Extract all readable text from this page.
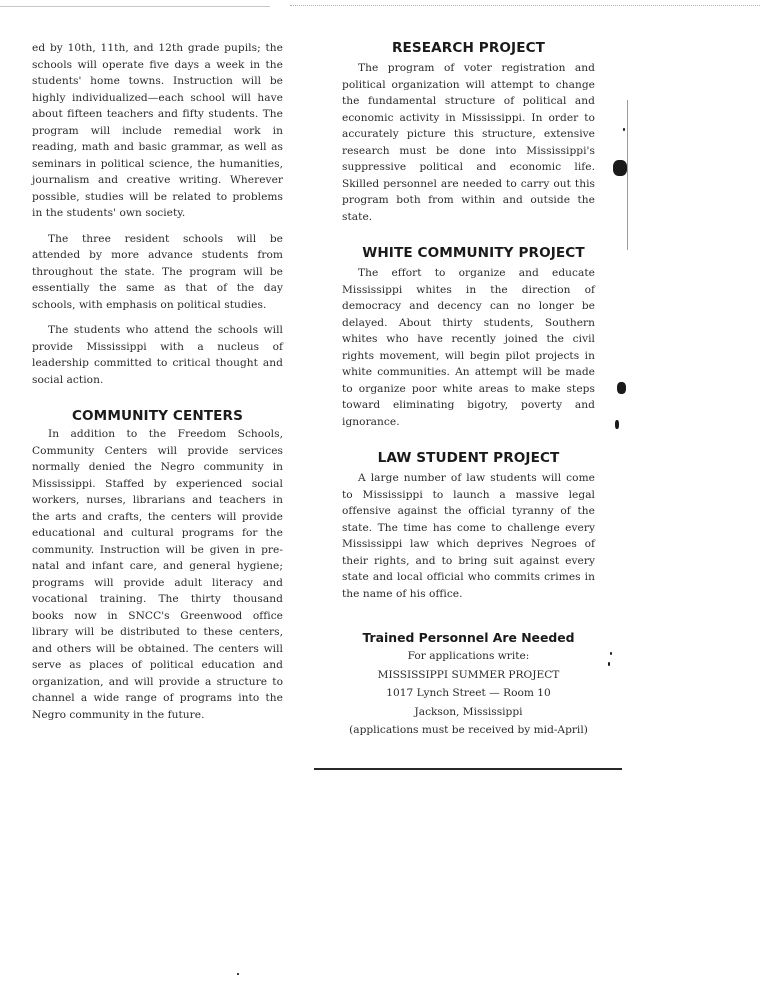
ed by 10th, 11th, and 12th grade pupils; the schools will operate five days a week in the students' home towns. Instruction will be highly individualized—each school will have about fifteen teachers and fifty students. The program will include remedial work in reading, math and basic grammar, as well as seminars in political science, the humanities, journalism and creative writing. Wherever possible, studies will be related to problems in the students' own society.

The three resident schools will be attended by more advance students from throughout the state. The program will be essentially the same as that of the day schools, with emphasis on political studies.

The students who attend the schools will provide Mississippi with a nucleus of leadership committed to critical thought and social action.

COMMUNITY CENTERS

In addition to the Freedom Schools, Community Centers will provide services normally denied the Negro community in Mississippi. Staffed by experienced social workers, nurses, librarians and teachers in the arts and crafts, the centers will provide educational and cultural programs for the community. Instruction will be given in pre-natal and infant care, and general hygiene; programs will provide adult literacy and vocational training. The thirty thousand books now in SNCC's Greenwood office library will be distributed to these centers, and others will be obtained. The centers will serve as places of political education and organization, and will provide a structure to channel a wide range of programs into the Negro community in the future.

RESEARCH PROJECT

The program of voter registration and political organization will attempt to change the fundamental structure of political and economic activity in Mississippi. In order to accurately picture this structure, extensive research must be done into Mississippi's suppressive political and economic life. Skilled personnel are needed to carry out this program both from within and outside the state.

WHITE COMMUNITY PROJECT

The effort to organize and educate Mississippi whites in the direction of democracy and decency can no longer be delayed. About thirty students, Southern whites who have recently joined the civil rights movement, will begin pilot projects in white communities. An attempt will be made to organize poor white areas to make steps toward eliminating bigotry, poverty and ignorance.

LAW STUDENT PROJECT

A large number of law students will come to Mississippi to launch a massive legal offensive against the official tyranny of the state. The time has come to challenge every Mississippi law which deprives Negroes of their rights, and to bring suit against every state and local official who commits crimes in the name of his office.

Trained Personnel Are Needed

For applications write:

MISSISSIPPI SUMMER PROJECT

1017 Lynch Street — Room 10

Jackson, Mississippi

(applications must be received by mid-April)
